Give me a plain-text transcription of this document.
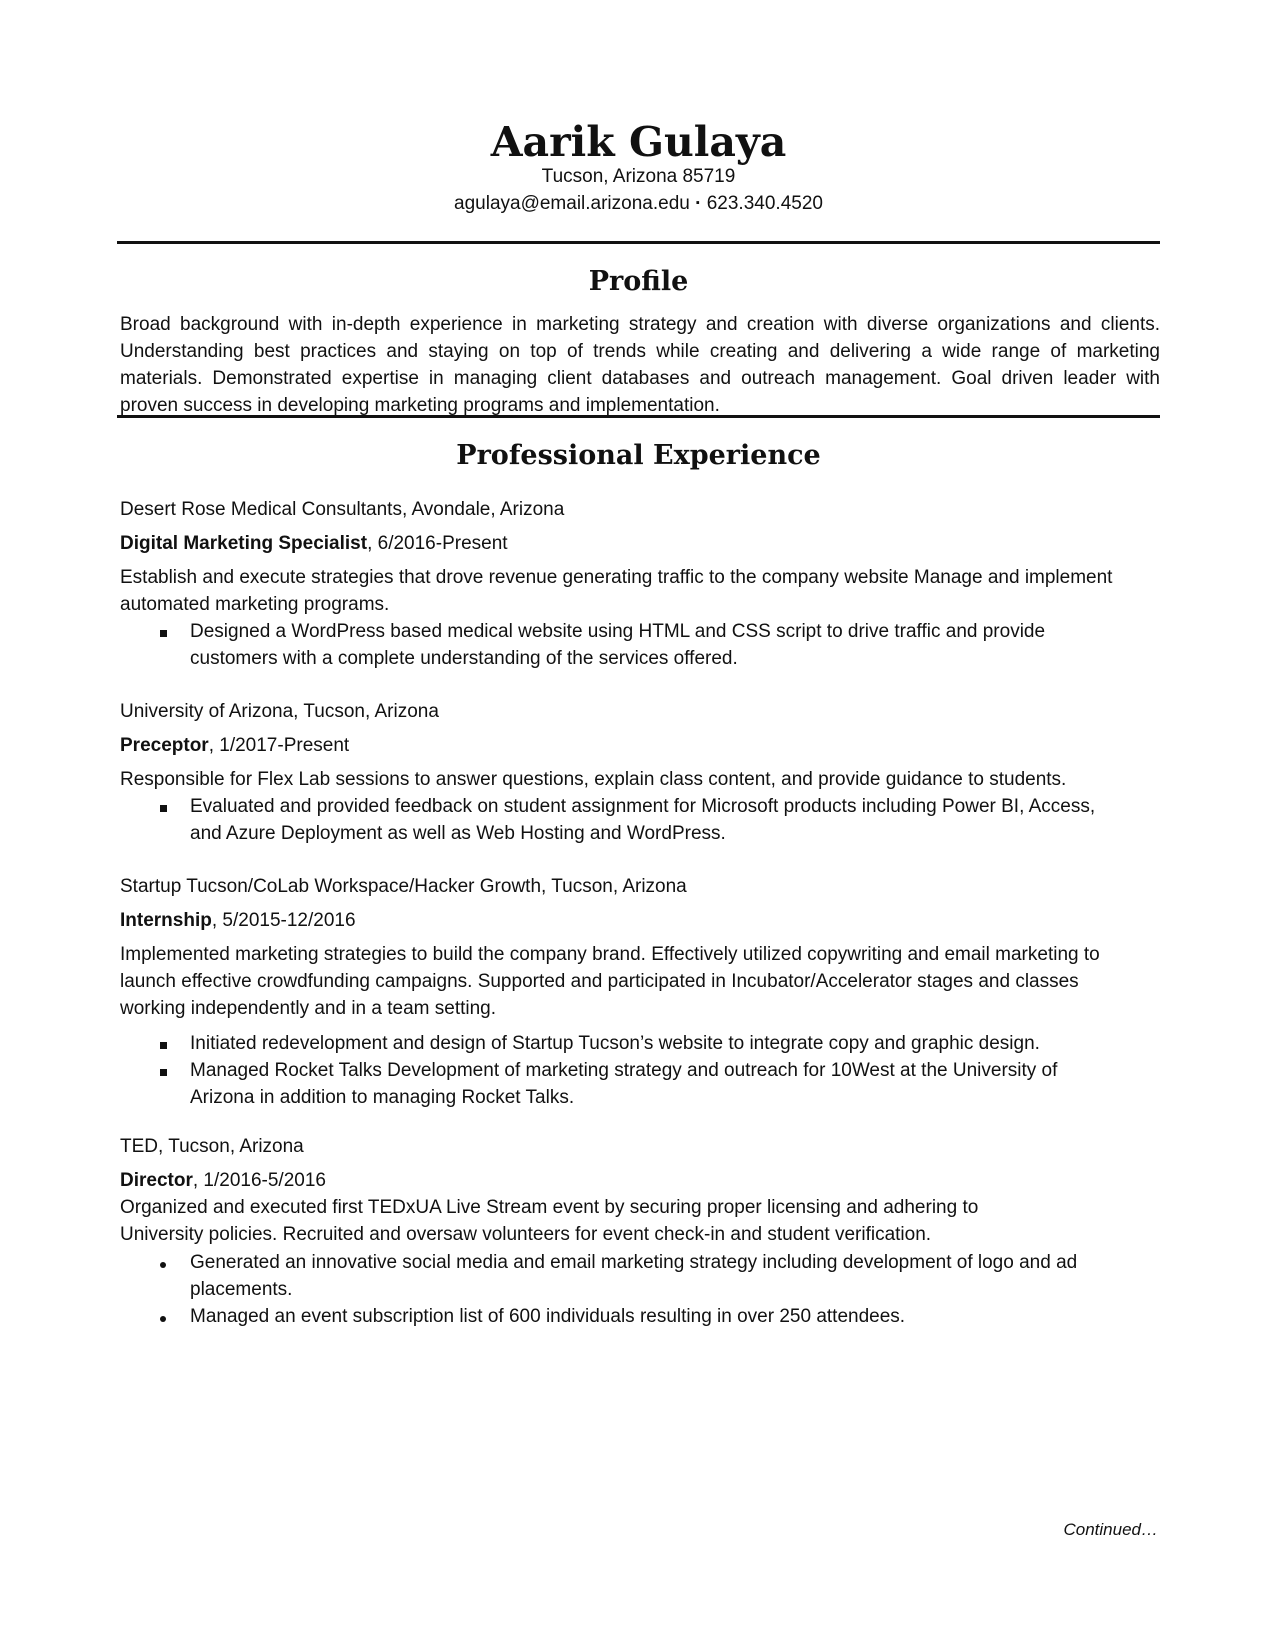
Aarik Gulaya
Tucson, Arizona 85719
agulaya@email.arizona.edu · 623.340.4520
Profile
Broad background with in-depth experience in marketing strategy and creation with diverse organizations and clients. Understanding best practices and staying on top of trends while creating and delivering a wide range of marketing materials. Demonstrated expertise in managing client databases and outreach management. Goal driven leader with proven success in developing marketing programs and implementation.
Professional Experience
Desert Rose Medical Consultants, Avondale, Arizona
Digital Marketing Specialist, 6/2016-Present
Establish and execute strategies that drove revenue generating traffic to the company website Manage and implement automated marketing programs.
Designed a WordPress based medical website using HTML and CSS script to drive traffic and provide customers with a complete understanding of the services offered.
University of Arizona, Tucson, Arizona
Preceptor, 1/2017-Present
Responsible for Flex Lab sessions to answer questions, explain class content, and provide guidance to students.
Evaluated and provided feedback on student assignment for Microsoft products including Power BI, Access, and Azure Deployment as well as Web Hosting and WordPress.
Startup Tucson/CoLab Workspace/Hacker Growth, Tucson, Arizona
Internship, 5/2015-12/2016
Implemented marketing strategies to build the company brand. Effectively utilized copywriting and email marketing to launch effective crowdfunding campaigns. Supported and participated in Incubator/Accelerator stages and classes working independently and in a team setting.
Initiated redevelopment and design of Startup Tucson’s website to integrate copy and graphic design.
Managed Rocket Talks Development of marketing strategy and outreach for 10West at the University of Arizona in addition to managing Rocket Talks.
TED, Tucson, Arizona
Director, 1/2016-5/2016
Organized and executed first TEDxUA Live Stream event by securing proper licensing and adhering to University policies. Recruited and oversaw volunteers for event check-in and student verification.
Generated an innovative social media and email marketing strategy including development of logo and ad placements.
Managed an event subscription list of 600 individuals resulting in over 250 attendees.
Continued…
